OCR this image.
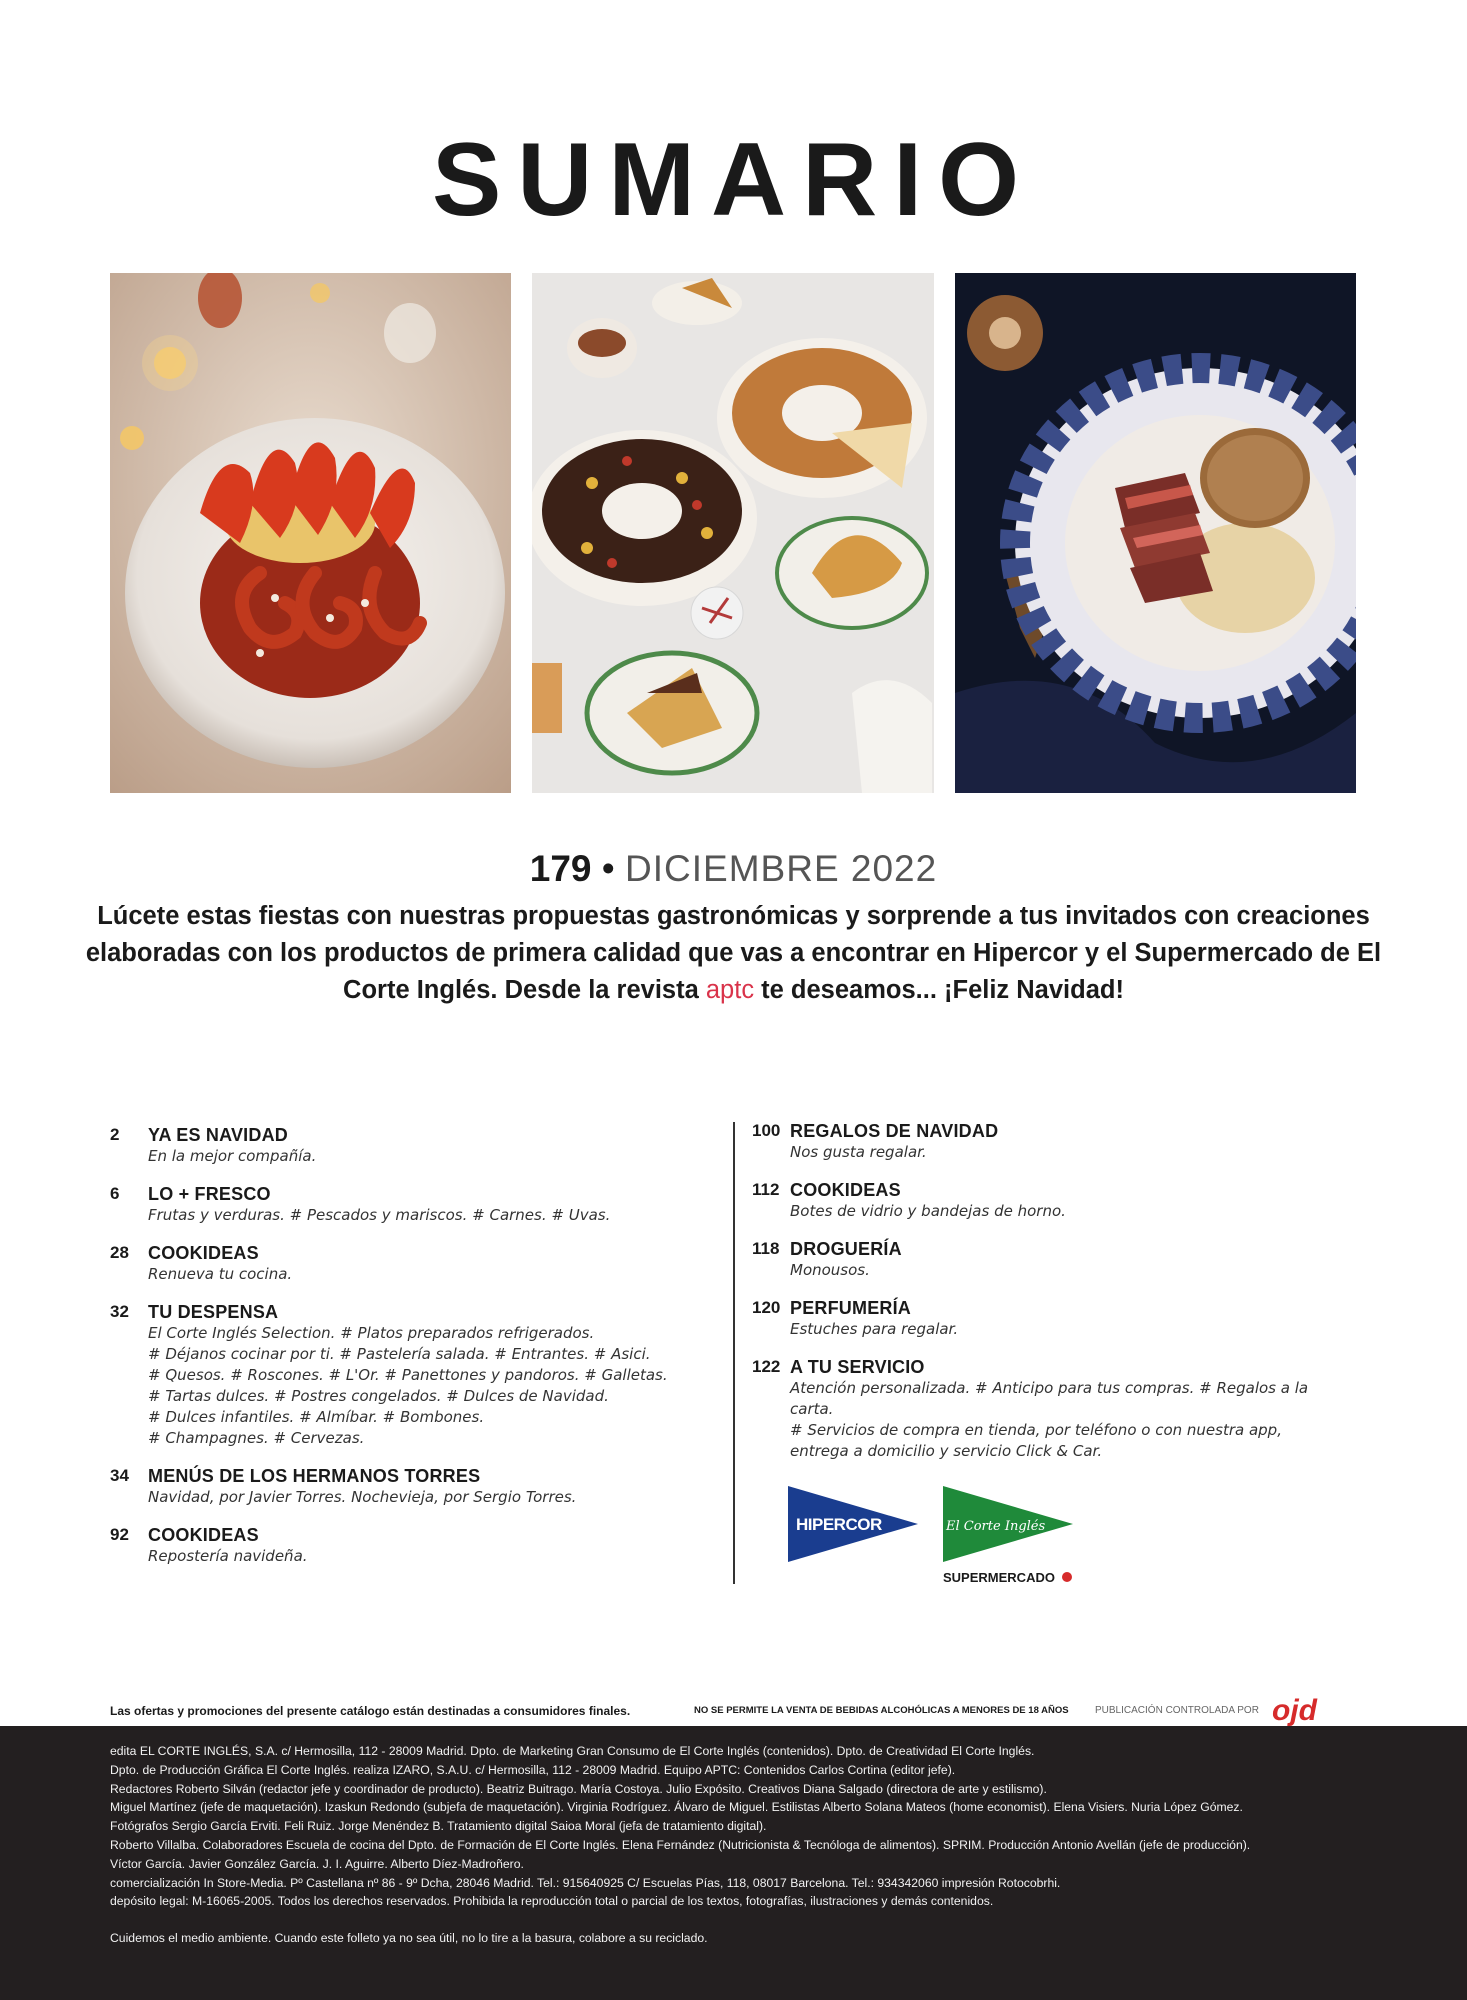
SUMARIO
179 • DICIEMBRE 2022
Lúcete estas fiestas con nuestras propuestas gastronómicas y sorprende a tus invitados con creaciones elaboradas con los productos de primera calidad que vas a encontrar en Hipercor y el Supermercado de El Corte Inglés. Desde la revista aptc te deseamos... ¡Feliz Navidad!
2 YA ES NAVIDAD
En la mejor compañía.
6 LO + FRESCO
Frutas y verduras. # Pescados y mariscos. # Carnes. # Uvas.
28 COOKIDEAS
Renueva tu cocina.
32 TU DESPENSA
El Corte Inglés Selection. # Platos preparados refrigerados.
# Déjanos cocinar por ti. # Pastelería salada. # Entrantes. # Asici.
# Quesos. # Roscones. # L'Or. # Panettones y pandoros. # Galletas.
# Tartas dulces. # Postres congelados. # Dulces de Navidad.
# Dulces infantiles. # Almíbar. # Bombones.
# Champagnes. # Cervezas.
34 MENÚS DE LOS HERMANOS TORRES
Navidad, por Javier Torres. Nochevieja, por Sergio Torres.
92 COOKIDEAS
Repostería navideña.
100 REGALOS DE NAVIDAD
Nos gusta regalar.
112 COOKIDEAS
Botes de vidrio y bandejas de horno.
118 DROGUERÍA
Monousos.
120 PERFUMERÍA
Estuches para regalar.
122 A TU SERVICIO
Atención personalizada. # Anticipo para tus compras. # Regalos a la carta.
# Servicios de compra en tienda, por teléfono o con nuestra app,
entrega a domicilio y servicio Click & Car.
HIPERCOR	El Corte Inglés
SUPERMERCADO
Las ofertas y promociones del presente catálogo están destinadas a consumidores finales.	NO SE PERMITE LA VENTA DE BEBIDAS ALCOHÓLICAS A MENORES DE 18 AÑOS	PUBLICACIÓN CONTROLADA POR ojd
edita EL CORTE INGLÉS, S.A. c/ Hermosilla, 112 - 28009 Madrid. Dpto. de Marketing Gran Consumo de El Corte Inglés (contenidos). Dpto. de Creatividad El Corte Inglés.
Dpto. de Producción Gráfica El Corte Inglés. realiza IZARO, S.A.U. c/ Hermosilla, 112 - 28009 Madrid. Equipo APTC: Contenidos Carlos Cortina (editor jefe).
Redactores Roberto Silván (redactor jefe y coordinador de producto). Beatriz Buitrago. María Costoya. Julio Expósito. Creativos Diana Salgado (directora de arte y estilismo).
Miguel Martínez (jefe de maquetación). Izaskun Redondo (subjefa de maquetación). Virginia Rodríguez. Álvaro de Miguel. Estilistas Alberto Solana Mateos (home economist). Elena Visiers. Nuria López Gómez.
Fotógrafos Sergio García Erviti. Feli Ruiz. Jorge Menéndez B. Tratamiento digital Saioa Moral (jefa de tratamiento digital).
Roberto Villalba. Colaboradores Escuela de cocina del Dpto. de Formación de El Corte Inglés. Elena Fernández (Nutricionista & Tecnóloga de alimentos). SPRIM. Producción Antonio Avellán (jefe de producción).
Víctor García. Javier González García. J. I. Aguirre. Alberto Díez-Madroñero.
comercialización In Store-Media. Pº Castellana nº 86 - 9º Dcha, 28046 Madrid. Tel.: 915640925 C/ Escuelas Pías, 118, 08017 Barcelona. Tel.: 934342060 impresión Rotocobrhi.
depósito legal: M-16065-2005. Todos los derechos reservados. Prohibida la reproducción total o parcial de los textos, fotografías, ilustraciones y demás contenidos.
Cuidemos el medio ambiente. Cuando este folleto ya no sea útil, no lo tire a la basura, colabore a su reciclado.
